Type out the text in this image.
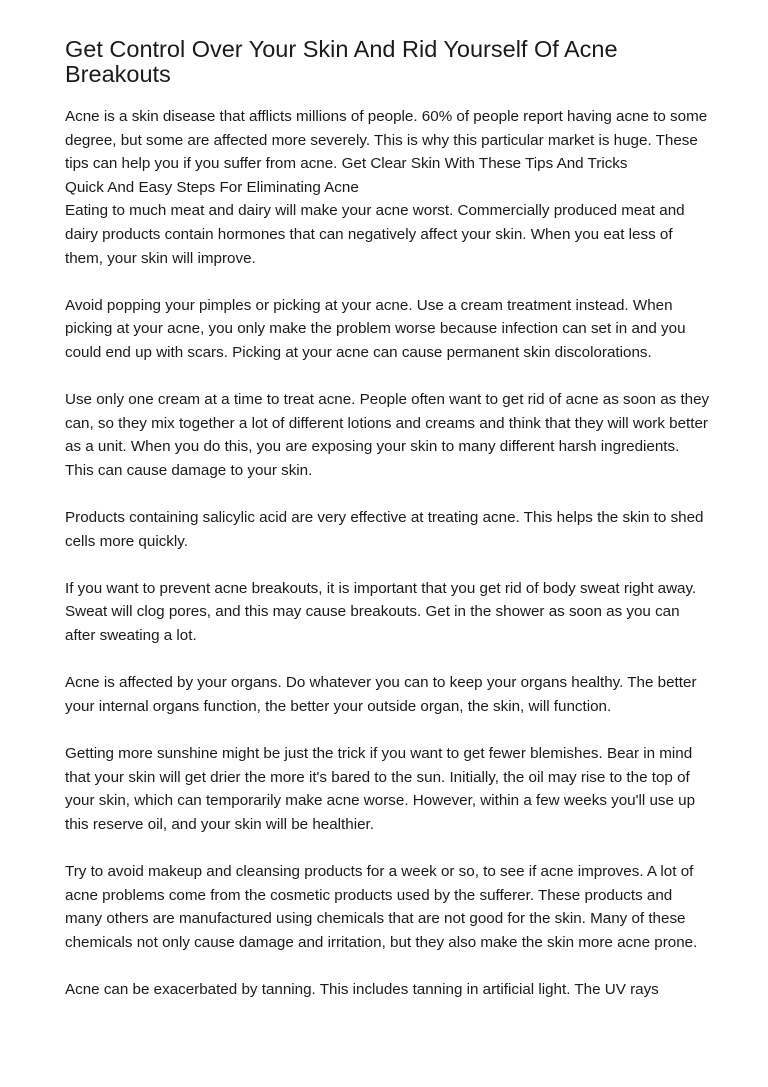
Get Control Over Your Skin And Rid Yourself Of Acne Breakouts

Acne is a skin disease that afflicts millions of people. 60% of people report having acne to some degree, but some are affected more severely. This is why this particular market is huge. These tips can help you if you suffer from acne. Get Clear Skin With These Tips And Tricks
Quick And Easy Steps For Eliminating Acne
Eating to much meat and dairy will make your acne worst. Commercially produced meat and dairy products contain hormones that can negatively affect your skin. When you eat less of them, your skin will improve.

Avoid popping your pimples or picking at your acne. Use a cream treatment instead. When picking at your acne, you only make the problem worse because infection can set in and you could end up with scars. Picking at your acne can cause permanent skin discolorations.

Use only one cream at a time to treat acne. People often want to get rid of acne as soon as they can, so they mix together a lot of different lotions and creams and think that they will work better as a unit. When you do this, you are exposing your skin to many different harsh ingredients. This can cause damage to your skin.

Products containing salicylic acid are very effective at treating acne. This helps the skin to shed cells more quickly.

If you want to prevent acne breakouts, it is important that you get rid of body sweat right away. Sweat will clog pores, and this may cause breakouts. Get in the shower as soon as you can after sweating a lot.

Acne is affected by your organs. Do whatever you can to keep your organs healthy. The better your internal organs function, the better your outside organ, the skin, will function.

Getting more sunshine might be just the trick if you want to get fewer blemishes. Bear in mind that your skin will get drier the more it's bared to the sun. Initially, the oil may rise to the top of your skin, which can temporarily make acne worse. However, within a few weeks you'll use up this reserve oil, and your skin will be healthier.

Try to avoid makeup and cleansing products for a week or so, to see if acne improves. A lot of acne problems come from the cosmetic products used by the sufferer. These products and many others are manufactured using chemicals that are not good for the skin. Many of these chemicals not only cause damage and irritation, but they also make the skin more acne prone.

Acne can be exacerbated by tanning. This includes tanning in artificial light. The UV rays
